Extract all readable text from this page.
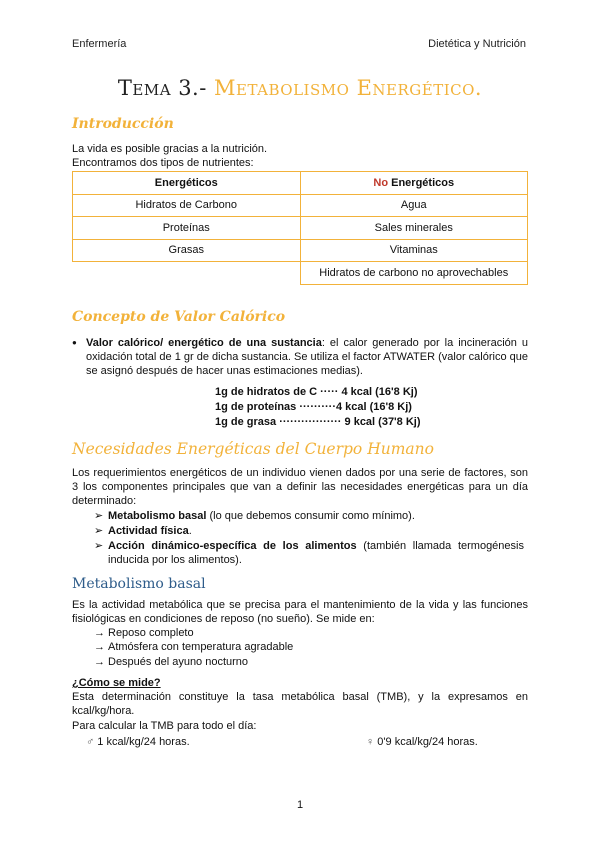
Enfermería	Dietética y Nutrición
Tema 3.- Metabolismo Energético.
Introducción
La vida es posible gracias a la nutrición.
Encontramos dos tipos de nutrientes:
Energéticos	No Energéticos
Hidratos de Carbono	Agua
Proteínas	Sales minerales
Grasas	Vitaminas
	Hidratos de carbono no aprovechables
Concepto de Valor Calórico
● Valor calórico/ energético de una sustancia: el calor generado por la incineración u oxidación total de 1 gr de dicha sustancia. Se utiliza el factor ATWATER (valor calórico que se asignó después de hacer unas estimaciones medias).
1g de hidratos de C ····· 4 kcal (16'8 Kj)
1g de proteínas ··········4 kcal (16'8 Kj)
1g de grasa ················· 9 kcal (37'8 Kj)
Necesidades Energéticas del Cuerpo Humano
Los requerimientos energéticos de un individuo vienen dados por una serie de factores, son 3 los componentes principales que van a definir las necesidades energéticas para un día determinado:
➢ Metabolismo basal (lo que debemos consumir como mínimo).
➢ Actividad física.
➢ Acción dinámico-específica de los alimentos (también llamada termogénesis inducida por los alimentos).
Metabolismo basal
Es la actividad metabólica que se precisa para el mantenimiento de la vida y las funciones fisiológicas en condiciones de reposo (no sueño). Se mide en:
→ Reposo completo
→ Atmósfera con temperatura agradable
→ Después del ayuno nocturno
¿Cómo se mide?
Esta determinación constituye la tasa metabólica basal (TMB), y la expresamos en kcal/kg/hora.
Para calcular la TMB para todo el día:
♂ 1 kcal/kg/24 horas.	♀ 0'9 kcal/kg/24 horas.
1
